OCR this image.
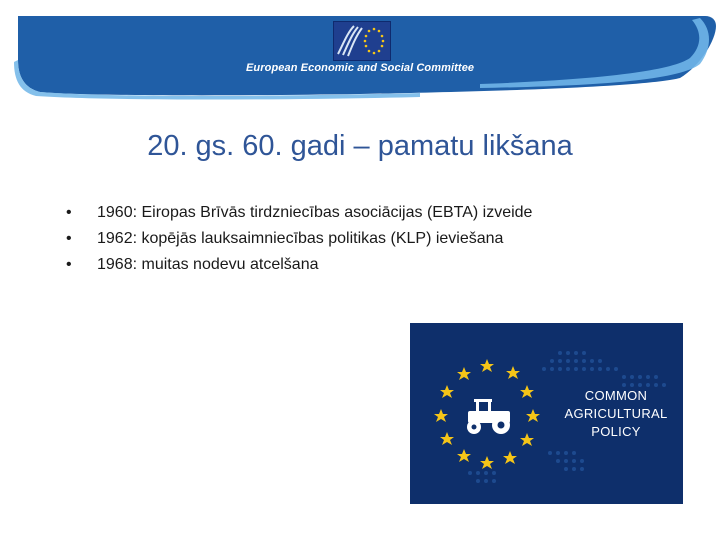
European Economic and Social Committee
20. gs. 60. gadi – pamatu likšana
• 1960: Eiropas Brīvās tirdzniecības asociācijas (EBTA) izveide
• 1962: kopējās lauksaimniecības politikas (KLP) ieviešana
• 1968: muitas nodevu atcelšana
COMMON
AGRICULTURAL
POLICY
